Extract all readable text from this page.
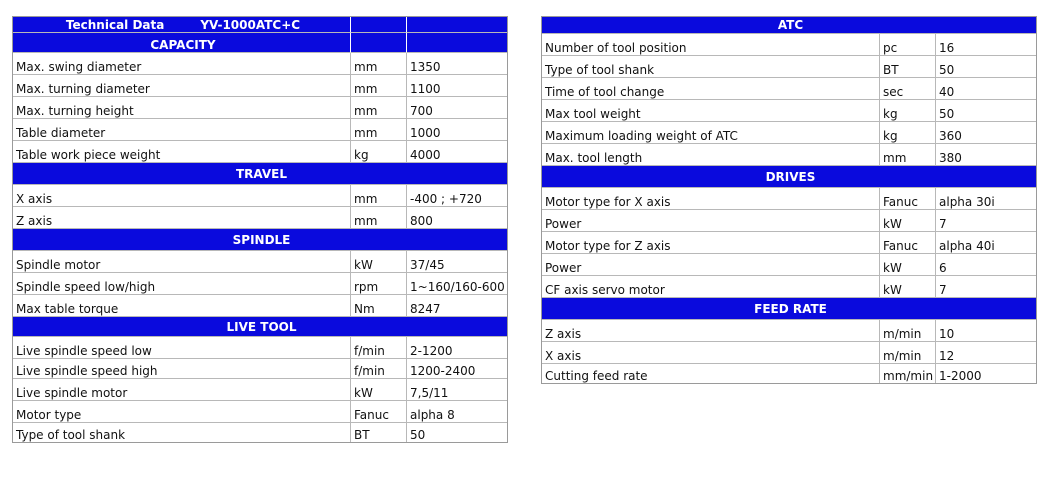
Technical Data YV-1000ATC+C		
CAPACITY		
Max. swing diameter	mm	1350
Max. turning diameter	mm	1100
Max. turning height	mm	700
Table diameter	mm	1000
Table work piece weight	kg	4000
TRAVEL		
X axis	mm	-400 ; +720
Z axis	mm	800
SPINDLE		
Spindle motor	kW	37/45
Spindle speed low/high	rpm	1~160/160-600
Max table torque	Nm	8247
LIVE TOOL		
Live spindle speed low	f/min	2-1200
Live spindle speed high	f/min	1200-2400
Live spindle motor	kW	7,5/11
Motor type	Fanuc	alpha 8
Type of tool shank	BT	50
ATC		
Number of tool position	pc	16
Type of tool shank	BT	50
Time of tool change	sec	40
Max tool weight	kg	50
Maximum loading weight of ATC	kg	360
Max. tool length	mm	380
DRIVES		
Motor type for X axis	Fanuc	alpha 30i
Power	kW	7
Motor type for Z axis	Fanuc	alpha 40i
Power	kW	6
CF axis servo motor	kW	7
FEED RATE		
Z axis	m/min	10
X axis	m/min	12
Cutting feed rate	mm/min	1-2000
